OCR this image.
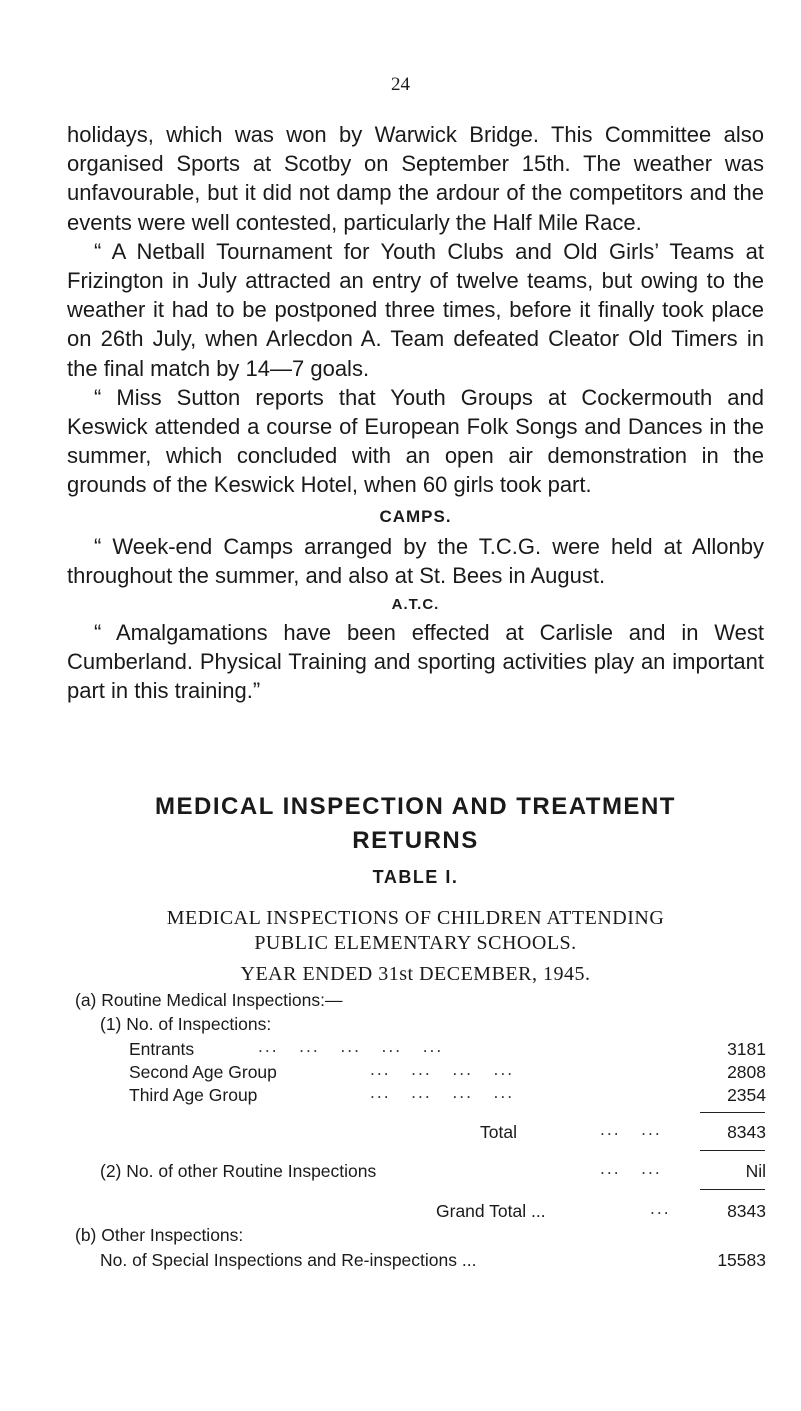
24

holidays, which was won by Warwick Bridge. This Committee also organised Sports at Scotby on September 15th. The weather was unfavourable, but it did not damp the ardour of the competitors and the events were well contested, particularly the Half Mile Race.

“ A Netball Tournament for Youth Clubs and Old Girls’ Teams at Frizington in July attracted an entry of twelve teams, but owing to the weather it had to be postponed three times, before it finally took place on 26th July, when Arlecdon A. Team defeated Cleator Old Timers in the final match by 14—7 goals.

“ Miss Sutton reports that Youth Groups at Cockermouth and Keswick attended a course of European Folk Songs and Dances in the summer, which concluded with an open air demonstration in the grounds of the Keswick Hotel, when 60 girls took part.

CAMPS.

“ Week-end Camps arranged by the T.C.G. were held at Allonby throughout the summer, and also at St. Bees in August.

A.T.C.

“ Amalgamations have been effected at Carlisle and in West Cumberland. Physical Training and sporting activities play an important part in this training.”

MEDICAL INSPECTION AND TREATMENT
RETURNS
TABLE I.
MEDICAL INSPECTIONS OF CHILDREN ATTENDING
PUBLIC ELEMENTARY SCHOOLS.
YEAR ENDED 31st DECEMBER, 1945.
(a) Routine Medical Inspections:—
(1) No. of Inspections:
Entrants	...   ...   ...   ...   ...	3181
Second Age Group	...   ...   ...   ...	2808
Third Age Group	...   ...   ...   ...	2354
Total	...   ...	8343
(2) No. of other Routine Inspections	...   ...	Nil
Grand Total ...	...	8343
(b) Other Inspections:
No. of Special Inspections and Re-inspections ...	15583
